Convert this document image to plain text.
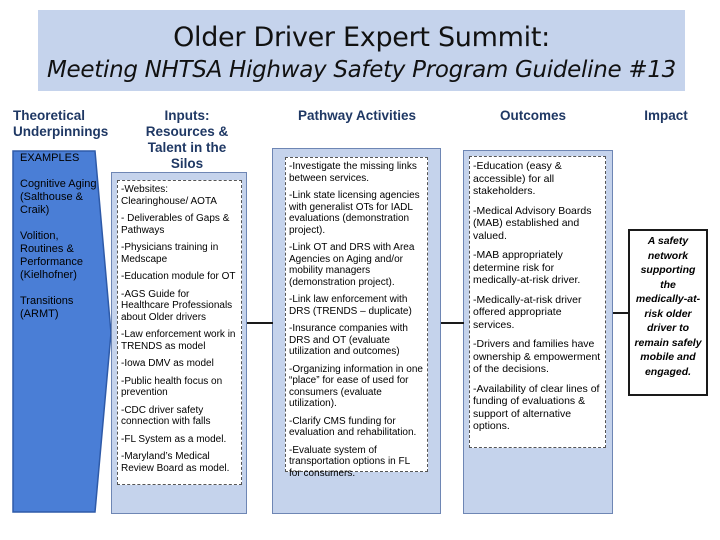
Older Driver Expert Summit:
Meeting NHTSA Highway Safety Program Guideline #13
Theoretical Underpinnings
Inputs: Resources & Talent in the Silos
Pathway Activities	Outcomes	Impact

EXAMPLES

Cognitive Aging (Salthouse & Craik)

Volition, Routines & Performance (Kielhofner)

Transitions (ARMT)

-Websites: Clearinghouse/ AOTA

- Deliverables of Gaps & Pathways

-Physicians training in Medscape

-Education module for OT

-AGS Guide for Healthcare Professionals about Older drivers

-Law enforcement work in TRENDS as model

-Iowa DMV as model

-Public health focus on prevention

-CDC driver safety connection with falls

-FL System as a model.

-Maryland’s Medical Review Board as model.

-Investigate the missing links between services.

-Link state licensing agencies with generalist OTs for IADL evaluations (demonstration project).

-Link OT and DRS with Area Agencies on Aging and/or mobility managers (demonstration project).

-Link law enforcement with DRS (TRENDS – duplicate)

-Insurance companies with DRS and OT (evaluate utilization and outcomes)

-Organizing information in one “place” for ease of used for consumers (evaluate utilization).

-Clarify CMS funding for evaluation and rehabilitation.

-Evaluate system of transportation options in FL for consumers.

-Education (easy & accessible) for all stakeholders.

-Medical Advisory Boards (MAB) established and valued.

-MAB appropriately determine risk for medically-at-risk driver.

-Medically-at-risk driver offered appropriate services.

-Drivers and families have ownership & empowerment of the decisions.

-Availability of clear lines of funding of evaluations & support of alternative options.

A safety network supporting the medically-at-risk older driver to remain safely mobile and engaged.
